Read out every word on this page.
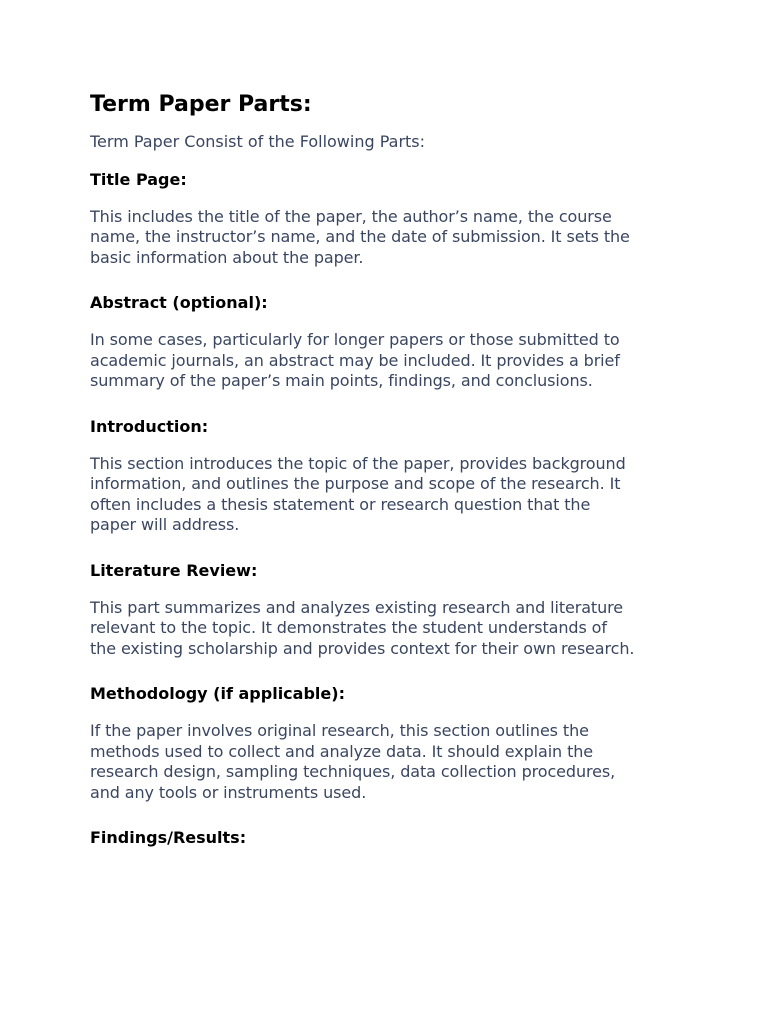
Term Paper Parts:

Term Paper Consist of the Following Parts:

Title Page:
This includes the title of the paper, the author’s name, the course
name, the instructor’s name, and the date of submission. It sets the
basic information about the paper.
Abstract (optional):
In some cases, particularly for longer papers or those submitted to
academic journals, an abstract may be included. It provides a brief
summary of the paper’s main points, findings, and conclusions.
Introduction:
This section introduces the topic of the paper, provides background
information, and outlines the purpose and scope of the research. It
often includes a thesis statement or research question that the
paper will address.
Literature Review:
This part summarizes and analyzes existing research and literature
relevant to the topic. It demonstrates the student understands of
the existing scholarship and provides context for their own research.
Methodology (if applicable):
If the paper involves original research, this section outlines the
methods used to collect and analyze data. It should explain the
research design, sampling techniques, data collection procedures,
and any tools or instruments used.
Findings/Results:
